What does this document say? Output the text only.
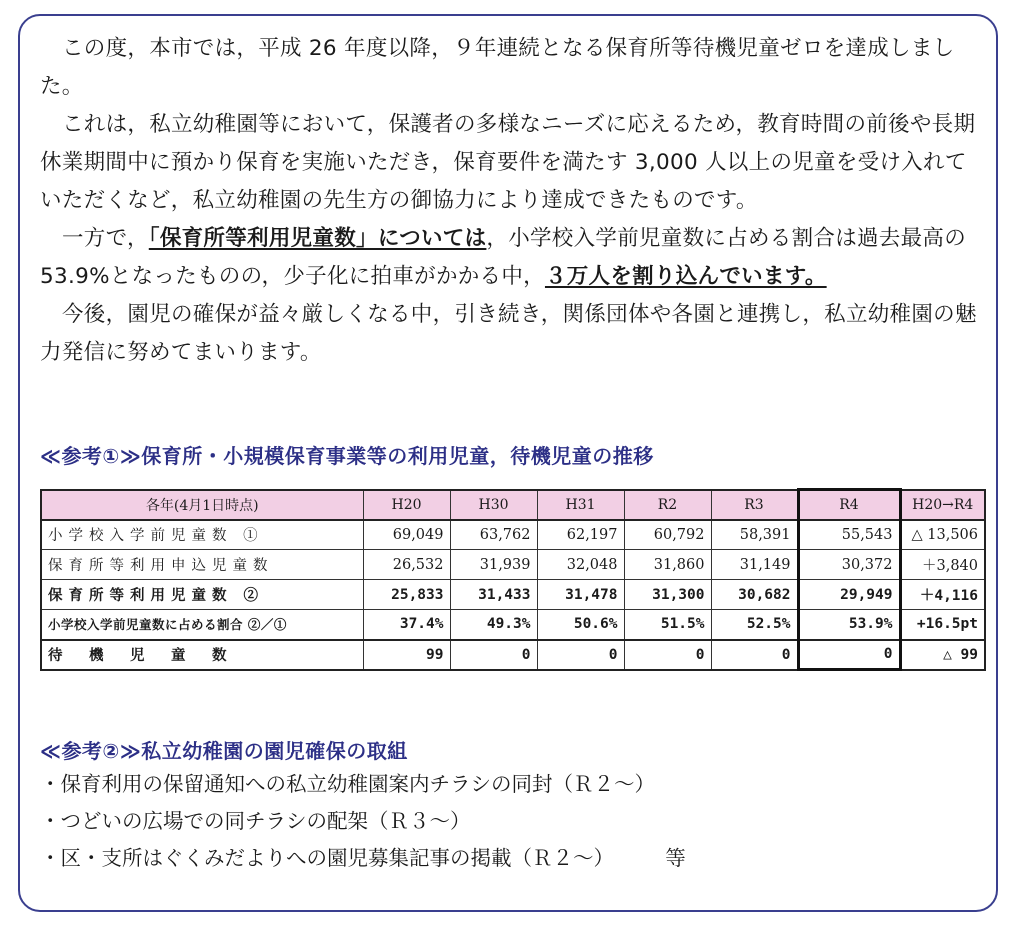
この度，本市では，平成 26 年度以降，９年連続となる保育所等待機児童ゼロを達成しました。

これは，私立幼稚園等において，保護者の多様なニーズに応えるため，教育時間の前後や長期休業期間中に預かり保育を実施いただき，保育要件を満たす 3,000 人以上の児童を受け入れていただくなど，私立幼稚園の先生方の御協力により達成できたものです。

一方で，「保育所等利用児童数」については，小学校入学前児童数に占める割合は過去最高の 53.9%となったものの，少子化に拍車がかかる中，３万人を割り込んでいます。

今後，園児の確保が益々厳しくなる中，引き続き，関係団体や各園と連携し，私立幼稚園の魅力発信に努めてまいります。

≪参考①≫保育所・小規模保育事業等の利用児童，待機児童の推移
各年(4月1日時点)	H20	H30	H31	R2	R3	R4	H20→R4
小学校入学前児童数 ①	69,049	63,762	62,197	60,792	58,391	55,543	△ 13,506
保育所等利用申込児童数	26,532	31,939	32,048	31,860	31,149	30,372	＋3,840
保育所等利用児童数 ②	25,833	31,433	31,478	31,300	30,682	29,949	＋4,116
小学校入学前児童数に占める割合 ②／①	37.4%	49.3%	50.6%	51.5%	52.5%	53.9%	+16.5pt
待　機　児　童　数	99	0	0	0	0	0	△ 99
≪参考②≫私立幼稚園の園児確保の取組
・保育利用の保留通知への私立幼稚園案内チラシの同封（Ｒ２～）
・つどいの広場での同チラシの配架（Ｒ３～）
・区・支所はぐくみだよりへの園児募集記事の掲載（Ｒ２～）　　　等
